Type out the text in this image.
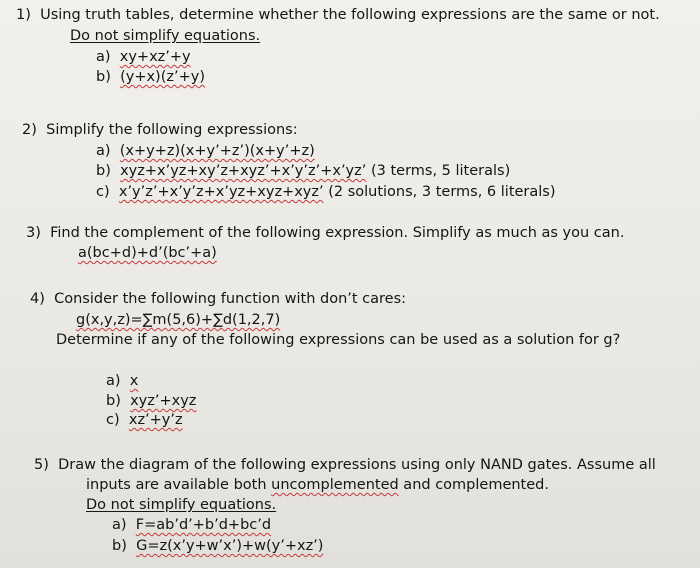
1) Using truth tables, determine whether the following expressions are the same or not.
Do not simplify equations.
a) xy+xz’+y
b) (y+x)(z’+y)
2) Simplify the following expressions:
a) (x+y+z)(x+y’+z’)(x+y’+z)
b) xyz+x’yz+xy’z+xyz’+x’y’z’+x’yz’ (3 terms, 5 literals)
c) x’y’z’+x’y’z+x’yz+xyz+xyz’ (2 solutions, 3 terms, 6 literals)
3) Find the complement of the following expression. Simplify as much as you can.
a(bc+d)+d’(bc’+a)
4) Consider the following function with don’t cares:
g(x,y,z)=∑m(5,6)+∑d(1,2,7)
Determine if any of the following expressions can be used as a solution for g?
a) x
b) xyz’+xyz
c) xz’+y’z
5) Draw the diagram of the following expressions using only NAND gates. Assume all
inputs are available both uncomplemented and complemented.
Do not simplify equations.
a) F=ab’d’+b’d+bc’d
b) G=z(x’y+w’x’)+w(y’+xz’)
